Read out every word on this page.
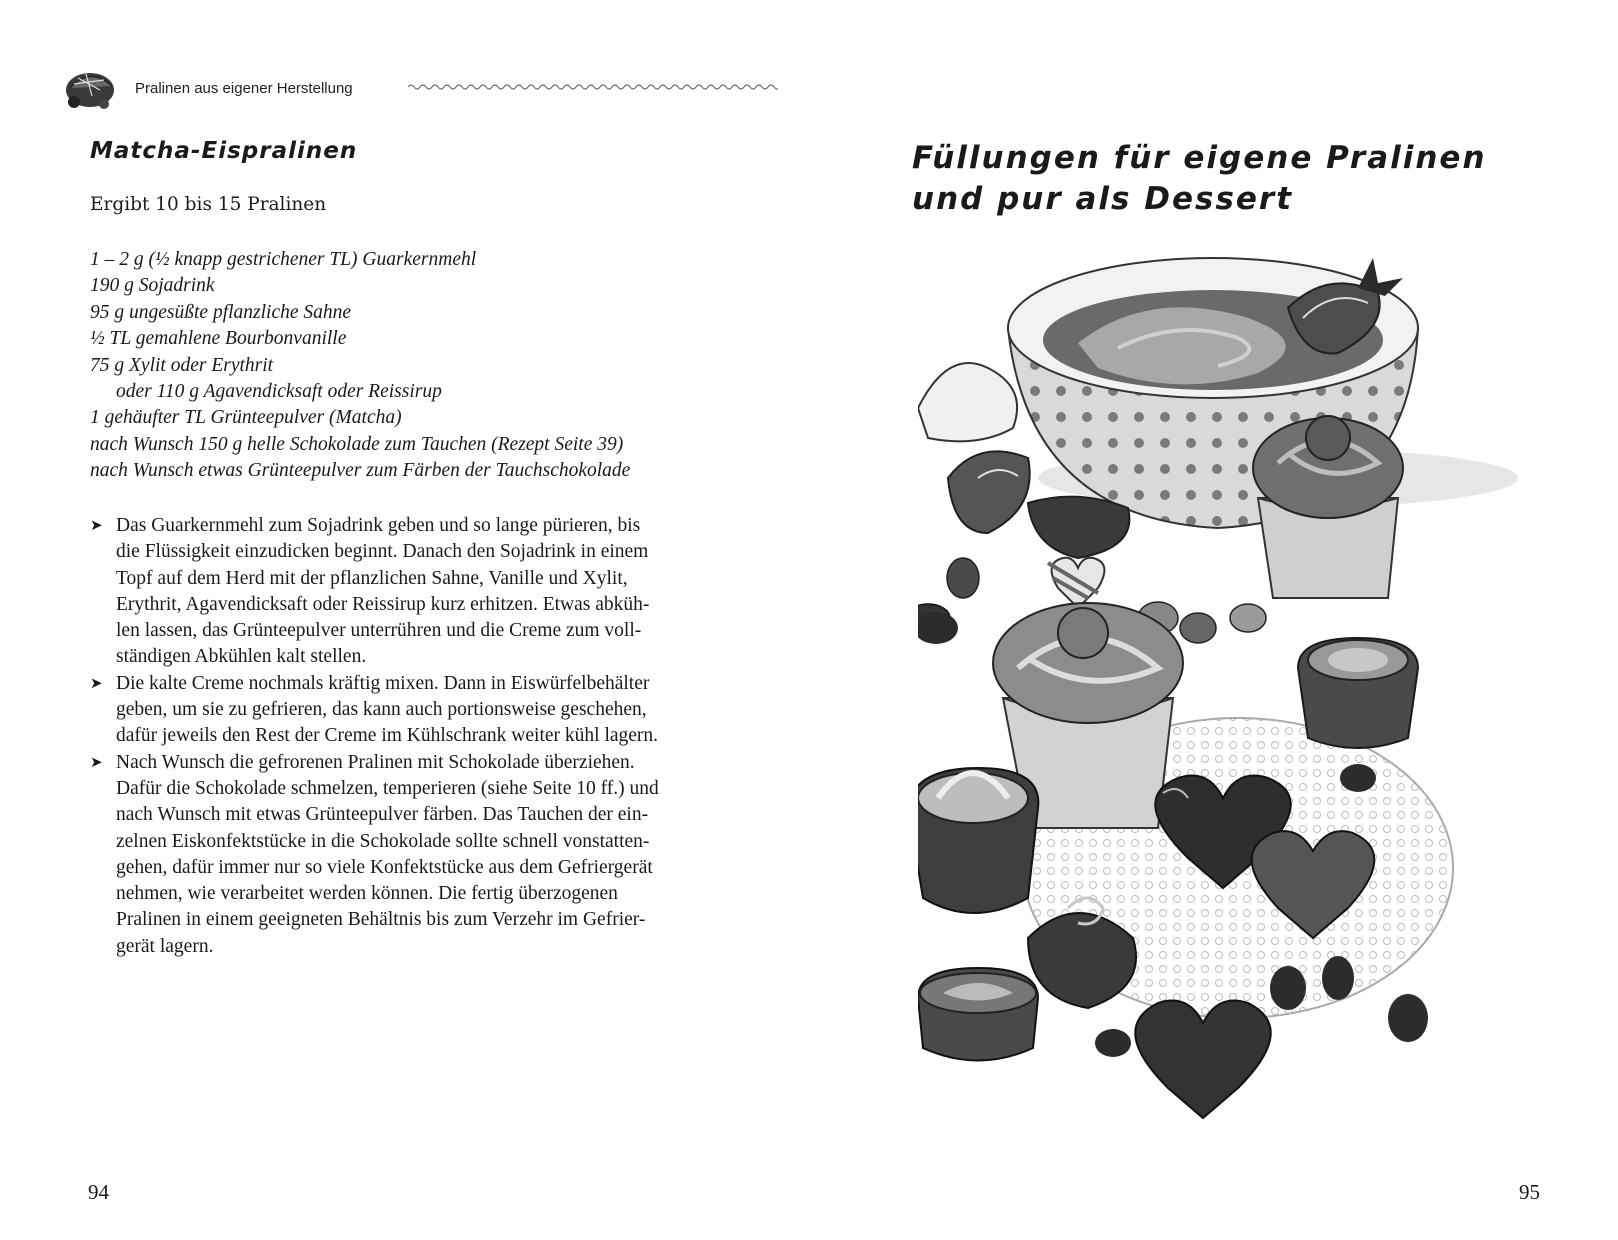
Pralinen aus eigener Herstellung
Matcha-Eispralinen
Ergibt 10 bis 15 Pralinen
1 – 2 g (½ knapp gestrichener TL) Guarkernmehl
190 g Sojadrink
95 g ungesüßte pflanzliche Sahne
½ TL gemahlene Bourbonvanille
75 g Xylit oder Erythrit
oder 110 g Agavendicksaft oder Reissirup
1 gehäufter TL Grünteepulver (Matcha)
nach Wunsch 150 g helle Schokolade zum Tauchen (Rezept Seite 39)
nach Wunsch etwas Grünteepulver zum Färben der Tauchschokolade
➤ Das Guarkernmehl zum Sojadrink geben und so lange pürieren, bis
die Flüssigkeit einzudicken beginnt. Danach den Sojadrink in einem
Topf auf dem Herd mit der pflanzlichen Sahne, Vanille und Xylit,
Erythrit, Agavendicksaft oder Reissirup kurz erhitzen. Etwas abküh-
len lassen, das Grünteepulver unterrühren und die Creme zum voll-
ständigen Abkühlen kalt stellen.
➤ Die kalte Creme nochmals kräftig mixen. Dann in Eiswürfelbehälter
geben, um sie zu gefrieren, das kann auch portionsweise geschehen,
dafür jeweils den Rest der Creme im Kühlschrank weiter kühl lagern.
➤ Nach Wunsch die gefrorenen Pralinen mit Schokolade überziehen.
Dafür die Schokolade schmelzen, temperieren (siehe Seite 10 ff.) und
nach Wunsch mit etwas Grünteepulver färben. Das Tauchen der ein-
zelnen Eiskonfektstücke in die Schokolade sollte schnell vonstatten-
gehen, dafür immer nur so viele Konfektstücke aus dem Gefriergerät
nehmen, wie verarbeitet werden können. Die fertig überzogenen
Pralinen in einem geeigneten Behältnis bis zum Verzehr im Gefrier-
gerät lagern.
94
Füllungen für eigene Pralinen
und pur als Dessert
95
